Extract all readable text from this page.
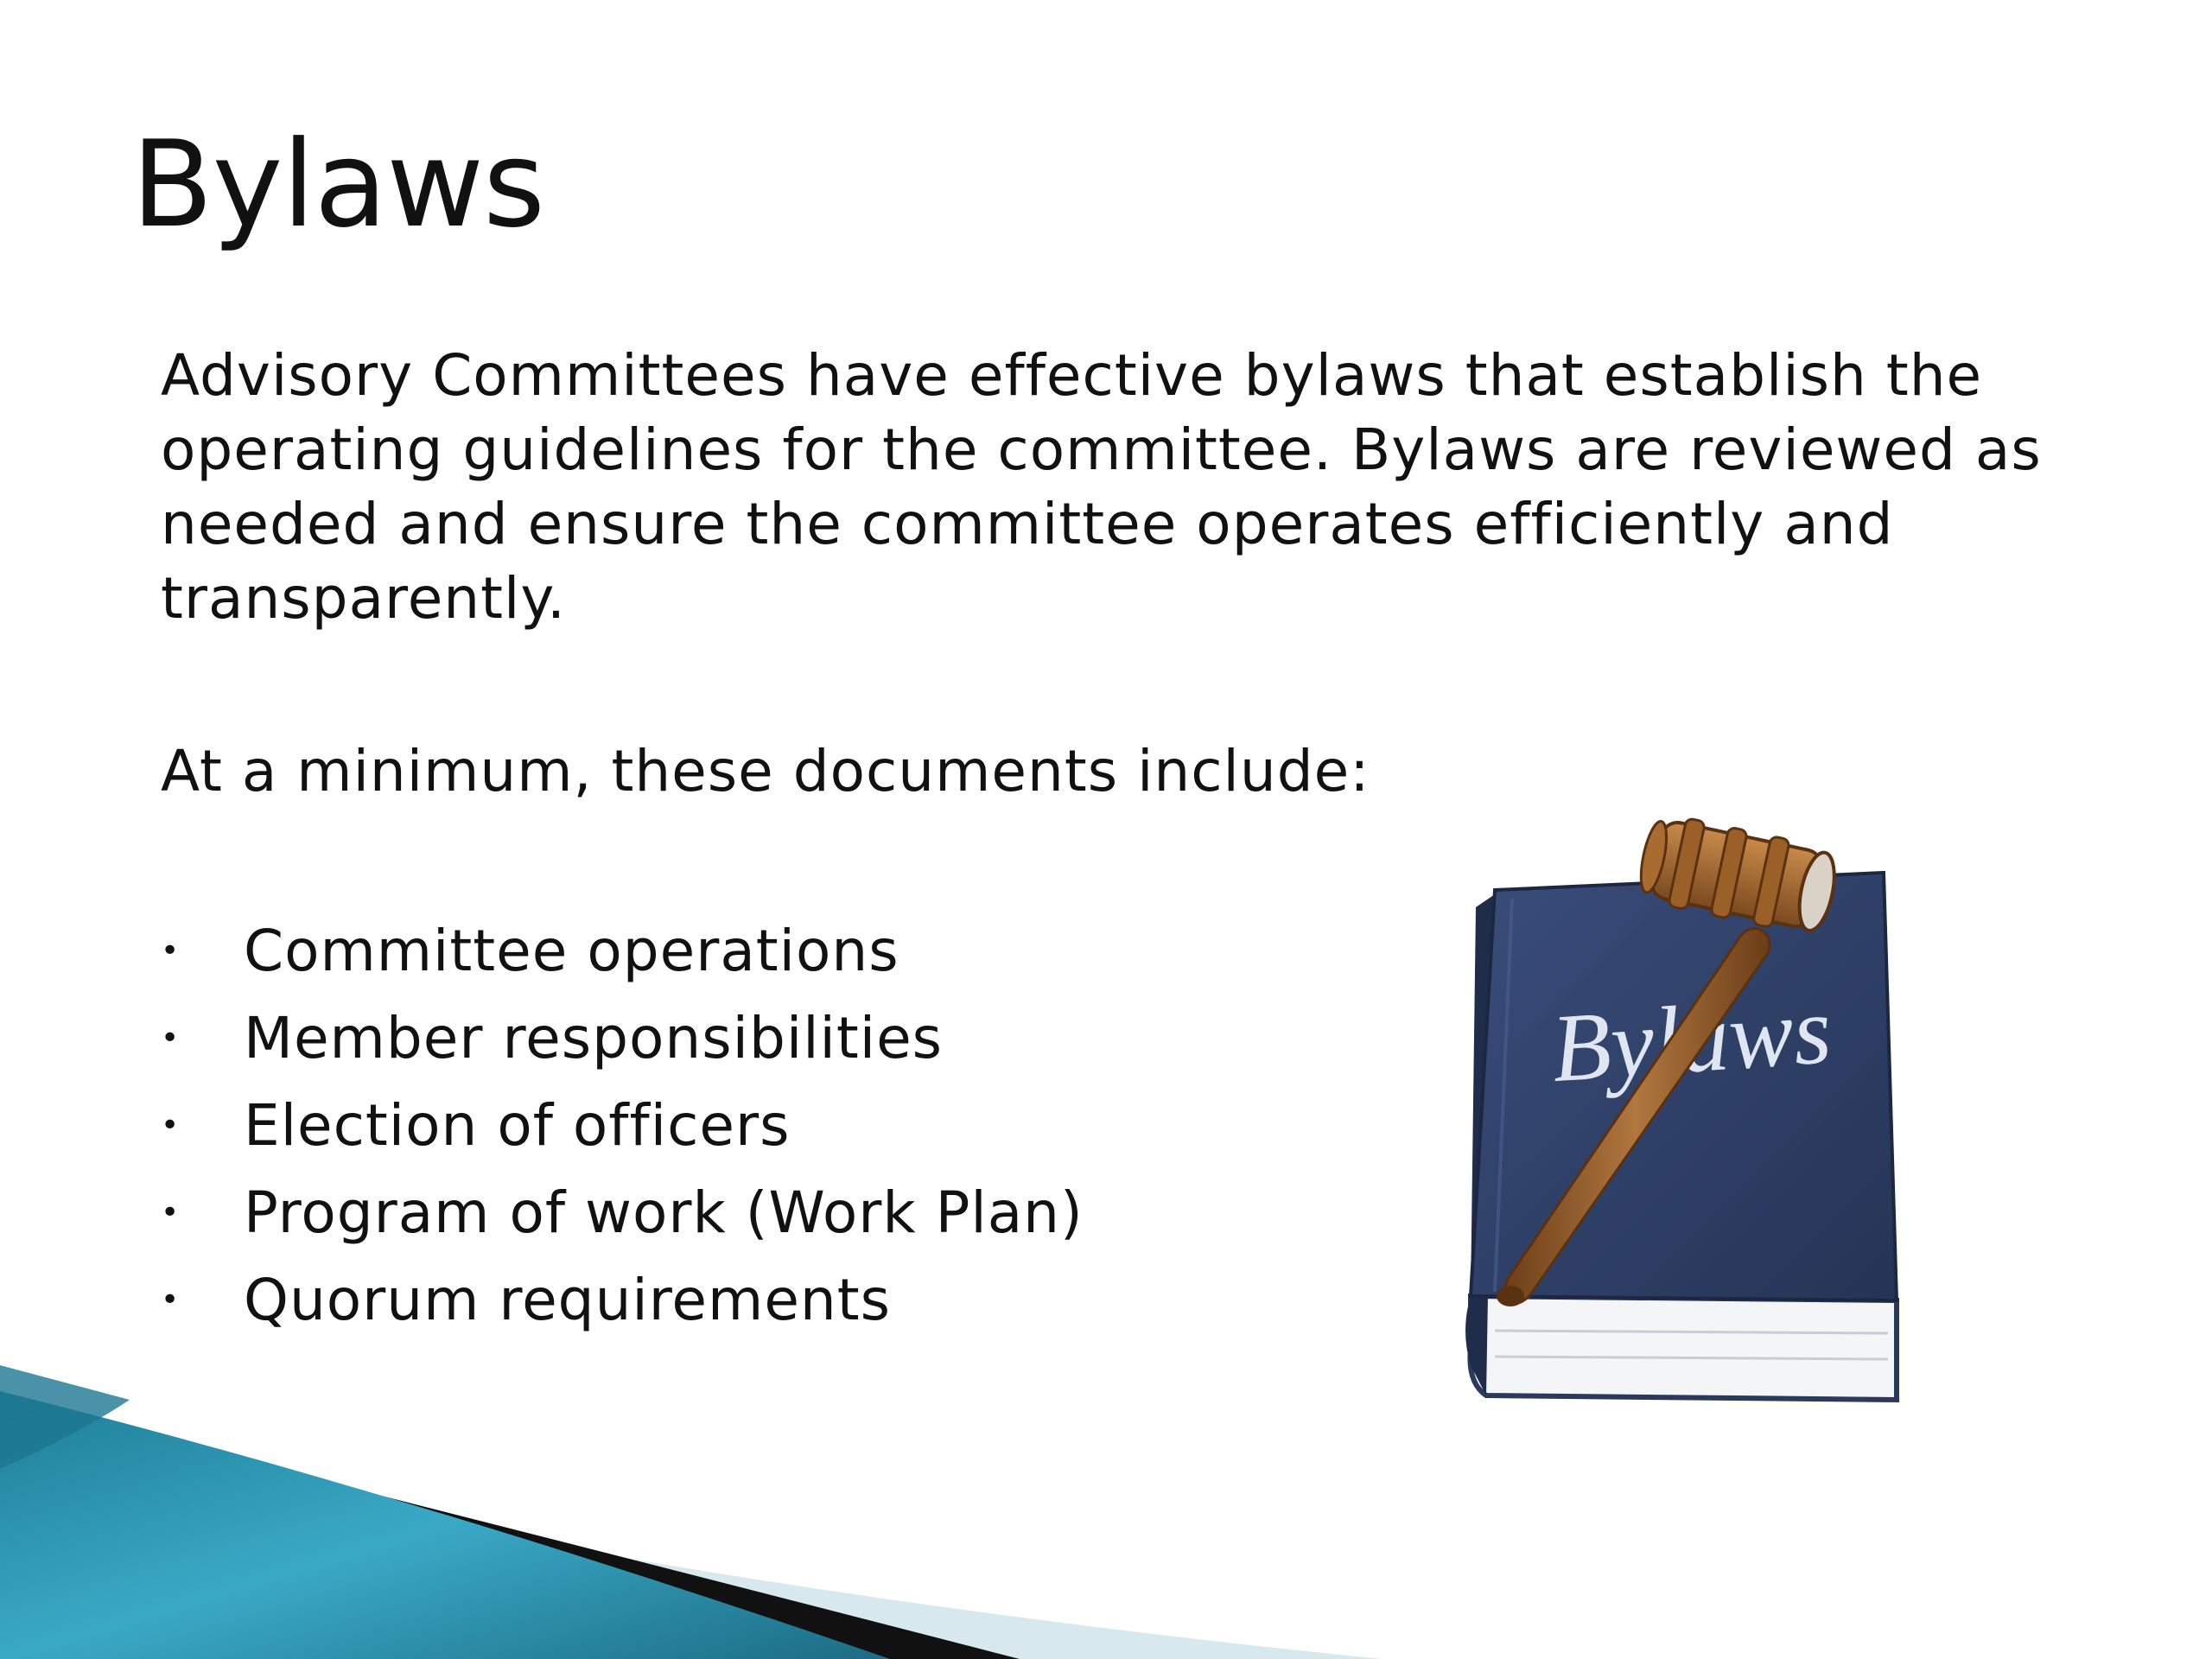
Bylaws

Advisory Committees have effective bylaws that establish the operating guidelines for the committee. Bylaws are reviewed as needed and ensure the committee operates efficiently and transparently.

At a minimum, these documents include:

• Committee operations
• Member responsibilities
• Election of officers
• Program of work (Work Plan)
• Quorum requirements
